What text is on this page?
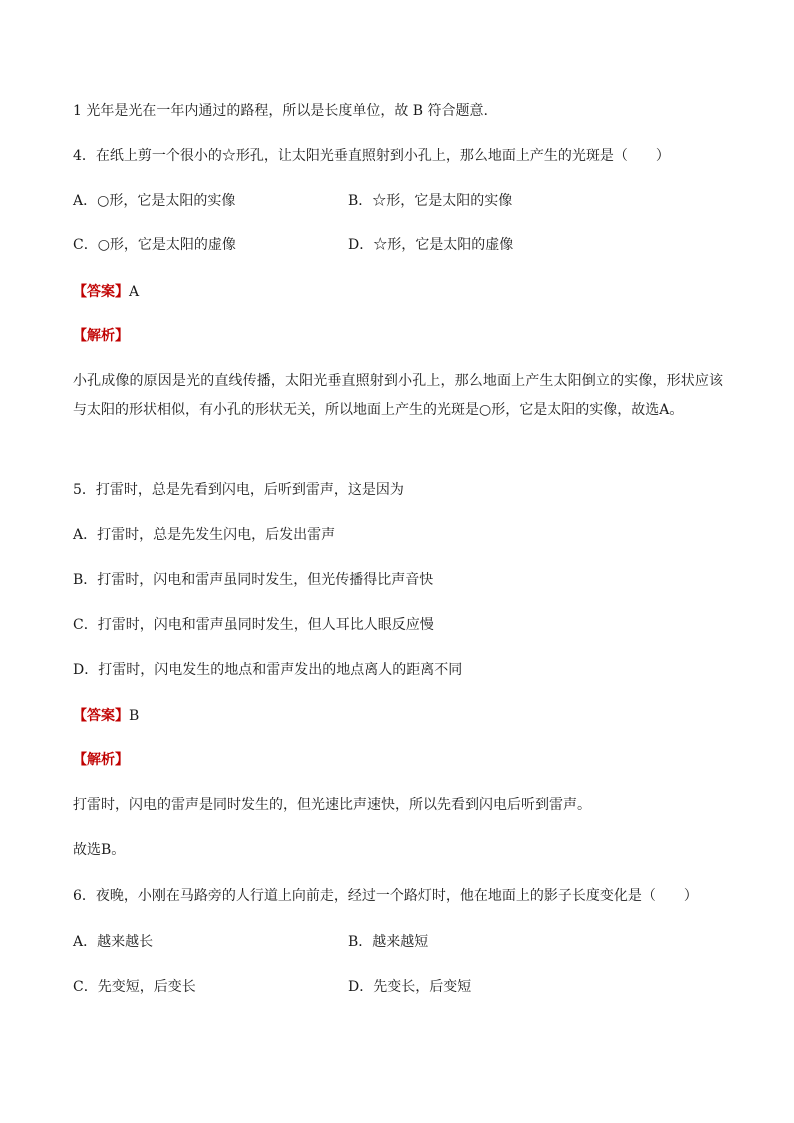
1 光年是光在一年内通过的路程，所以是长度单位，故 B 符合题意.
4．在纸上剪一个很小的☆形孔，让太阳光垂直照射到小孔上，那么地面上产生的光斑是（　　）
A．○形，它是太阳的实像	B．☆形，它是太阳的实像
C．○形，它是太阳的虚像	D．☆形，它是太阳的虚像
【答案】A
【解析】
小孔成像的原因是光的直线传播，太阳光垂直照射到小孔上，那么地面上产生太阳倒立的实像，形状应该与太阳的形状相似，有小孔的形状无关，所以地面上产生的光斑是○形，它是太阳的实像，故选A。
5．打雷时，总是先看到闪电，后听到雷声，这是因为
A．打雷时，总是先发生闪电，后发出雷声
B．打雷时，闪电和雷声虽同时发生，但光传播得比声音快
C．打雷时，闪电和雷声虽同时发生，但人耳比人眼反应慢
D．打雷时，闪电发生的地点和雷声发出的地点离人的距离不同
【答案】B
【解析】
打雷时，闪电的雷声是同时发生的，但光速比声速快，所以先看到闪电后听到雷声。
故选B。
6．夜晚，小刚在马路旁的人行道上向前走，经过一个路灯时，他在地面上的影子长度变化是（　　）
A．越来越长	B．越来越短
C．先变短，后变长	D．先变长，后变短
